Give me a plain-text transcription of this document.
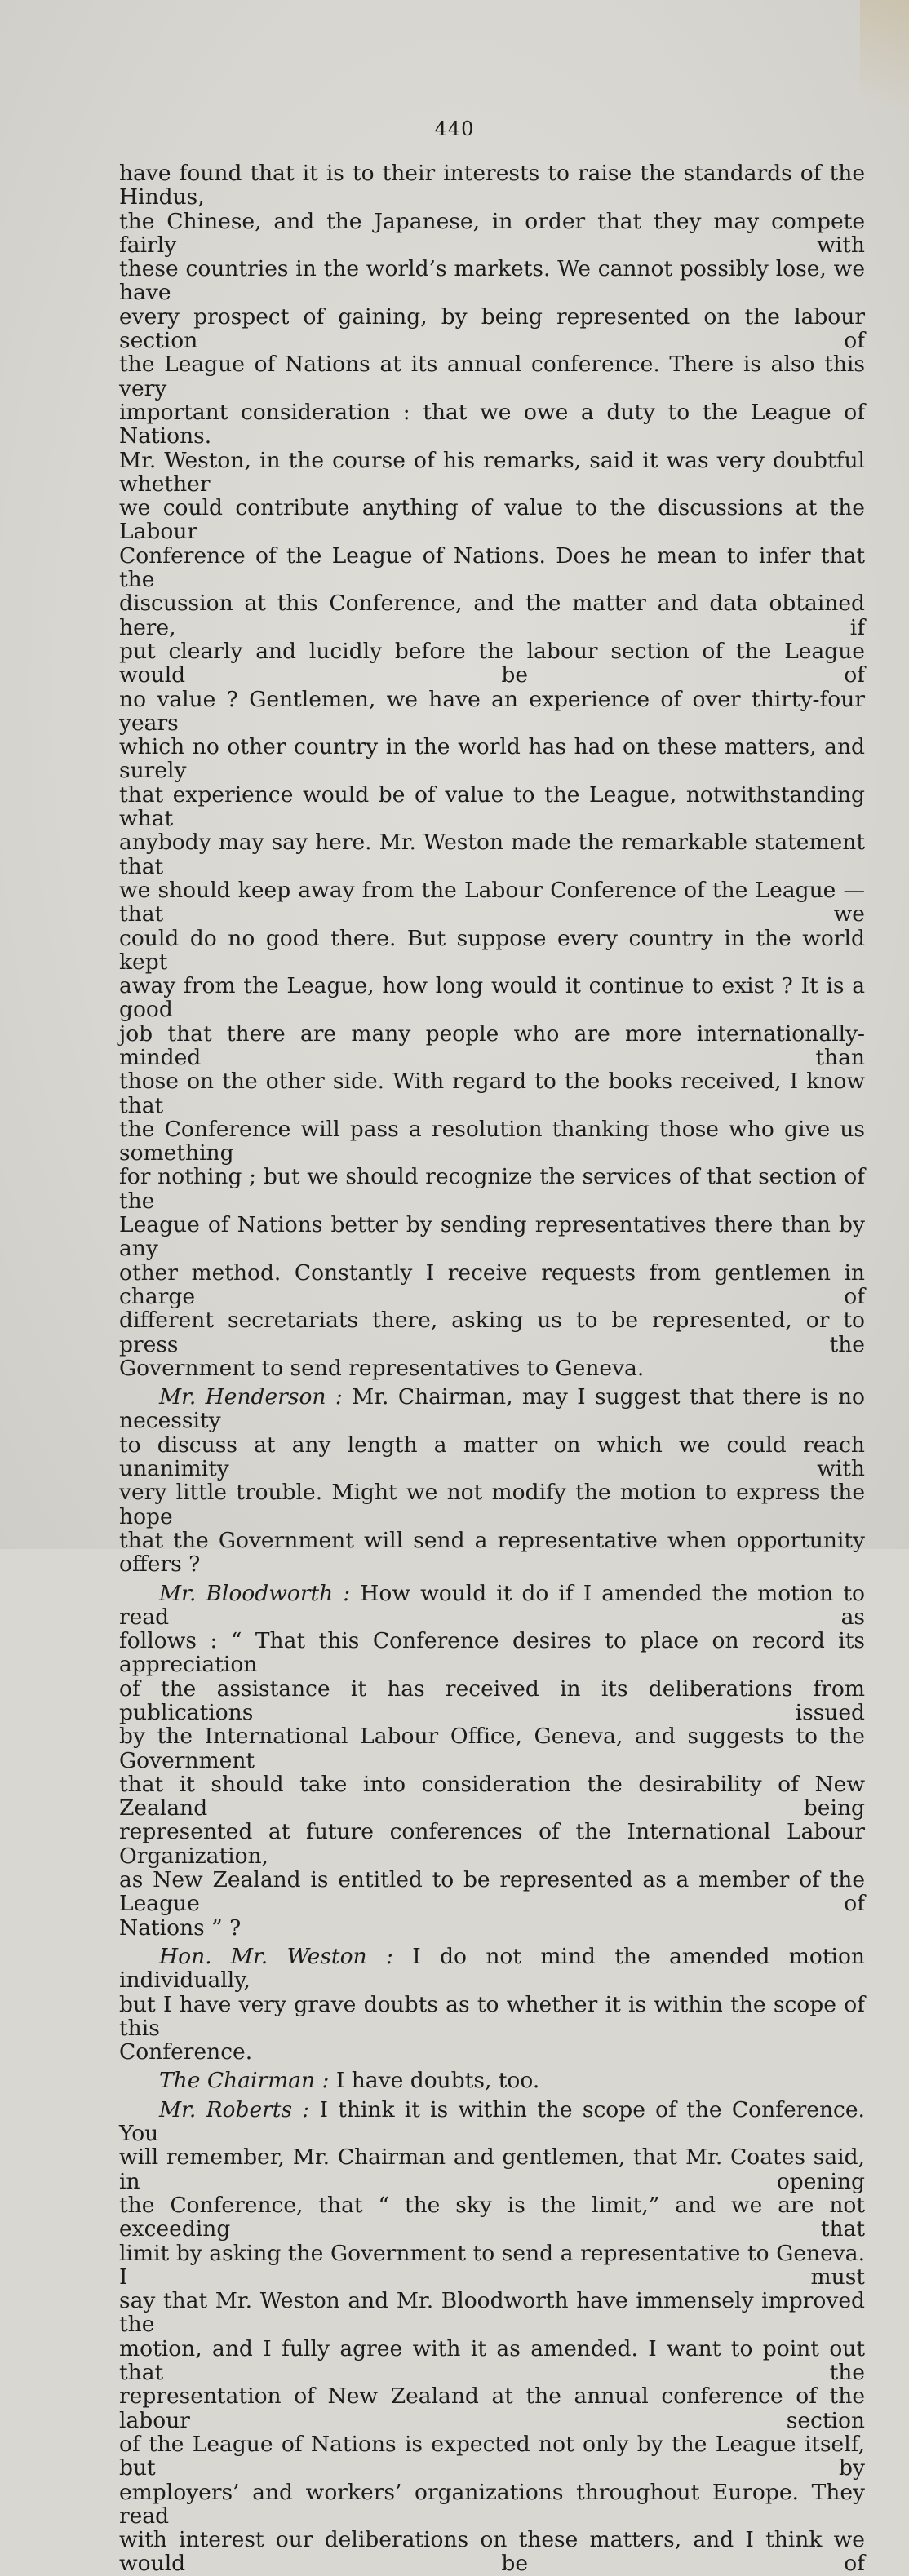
440

have found that it is to their interests to raise the standards of the Hindus,

the Chinese, and the Japanese, in order that they may compete fairly with

these countries in the world’s markets. We cannot possibly lose, we have

every prospect of gaining, by being represented on the labour section of

the League of Nations at its annual conference. There is also this very

important consideration : that we owe a duty to the League of Nations.

Mr. Weston, in the course of his remarks, said it was very doubtful whether

we could contribute anything of value to the discussions at the Labour

Conference of the League of Nations. Does he mean to infer that the

discussion at this Conference, and the matter and data obtained here, if

put clearly and lucidly before the labour section of the League would be of

no value ? Gentlemen, we have an experience of over thirty-four years

which no other country in the world has had on these matters, and surely

that experience would be of value to the League, notwithstanding what

anybody may say here. Mr. Weston made the remarkable statement that

we should keep away from the Labour Conference of the League — that we

could do no good there. But suppose every country in the world kept

away from the League, how long would it continue to exist ? It is a good

job that there are many people who are more internationally-minded than

those on the other side. With regard to the books received, I know that

the Conference will pass a resolution thanking those who give us something

for nothing ; but we should recognize the services of that section of the

League of Nations better by sending representatives there than by any

other method. Constantly I receive requests from gentlemen in charge of

different secretariats there, asking us to be represented, or to press the

Government to send representatives to Geneva.

Mr. Henderson : Mr. Chairman, may I suggest that there is no necessity

to discuss at any length a matter on which we could reach unanimity with

very little trouble. Might we not modify the motion to express the hope

that the Government will send a representative when opportunity offers ?

Mr. Bloodworth : How would it do if I amended the motion to read as

follows : “ That this Conference desires to place on record its appreciation

of the assistance it has received in its deliberations from publications issued

by the International Labour Office, Geneva, and suggests to the Government

that it should take into consideration the desirability of New Zealand being

represented at future conferences of the International Labour Organization,

as New Zealand is entitled to be represented as a member of the League of

Nations ” ?

Hon. Mr. Weston : I do not mind the amended motion individually,

but I have very grave doubts as to whether it is within the scope of this

Conference.

The Chairman : I have doubts, too.

Mr. Roberts : I think it is within the scope of the Conference. You

will remember, Mr. Chairman and gentlemen, that Mr. Coates said, in opening

the Conference, that “ the sky is the limit,” and we are not exceeding that

limit by asking the Government to send a representative to Geneva. I must

say that Mr. Weston and Mr. Bloodworth have immensely improved the

motion, and I fully agree with it as amended. I want to point out that the

representation of New Zealand at the annual conference of the labour section

of the League of Nations is expected not only by the League itself, but by

employers’ and workers’ organizations throughout Europe. They read

with interest our deliberations on these matters, and I think we would be of
